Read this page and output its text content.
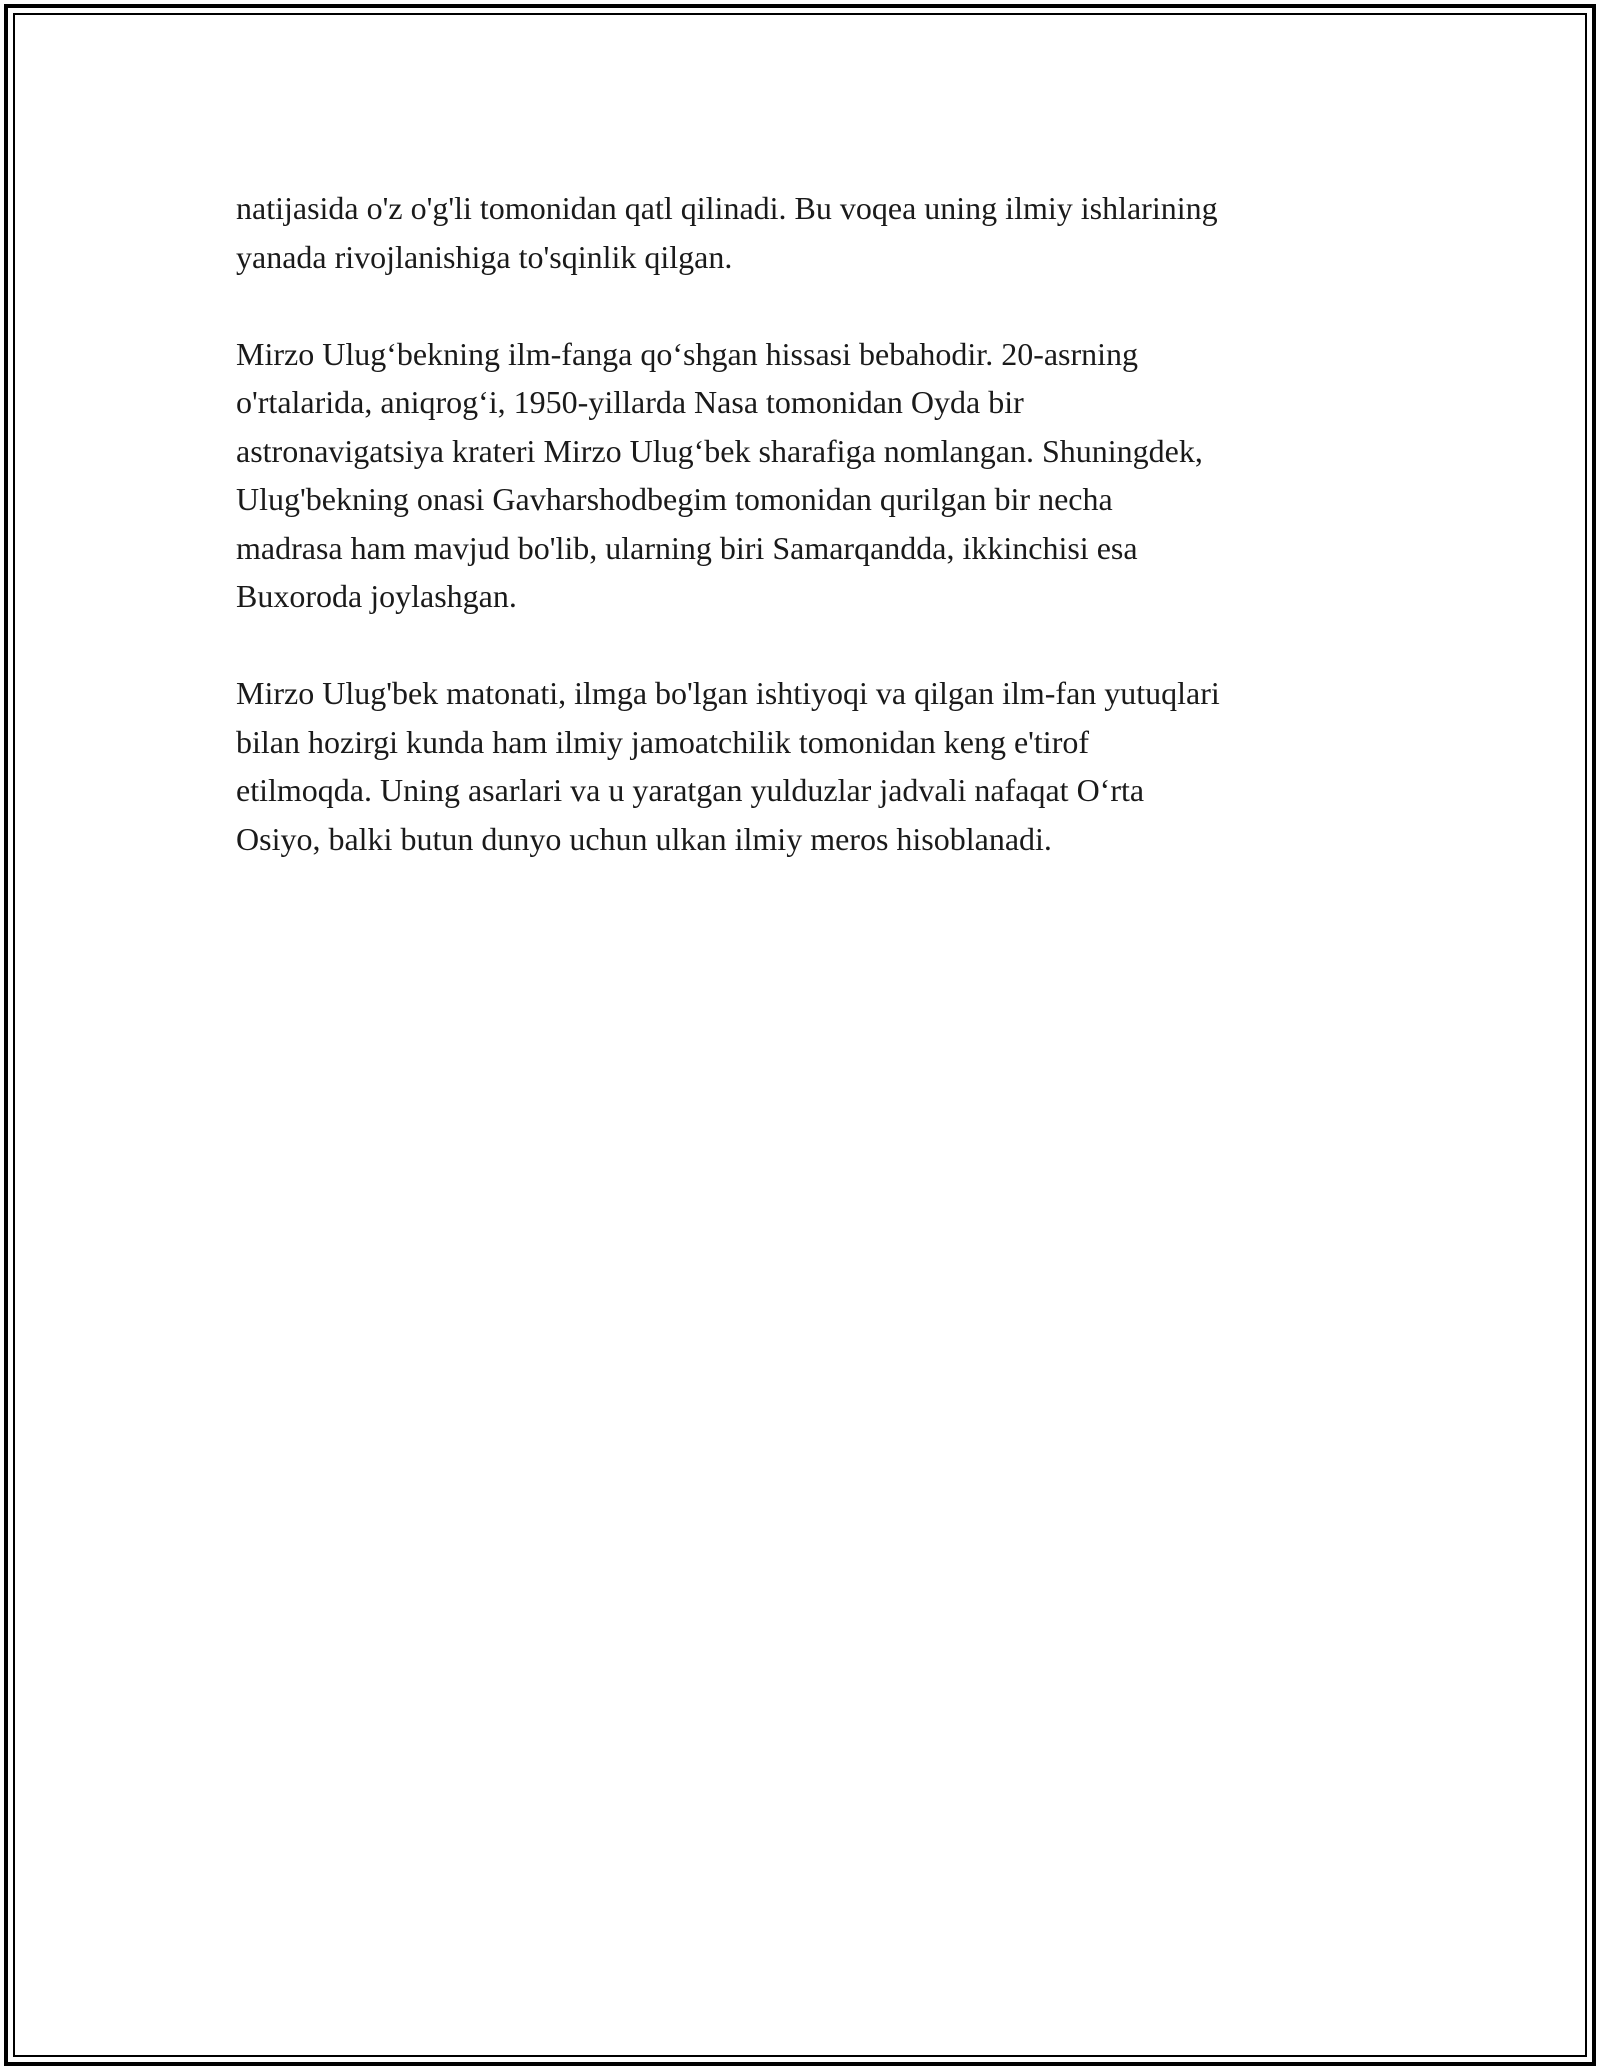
natijasida o'z o'g'li tomonidan qatl qilinadi. Bu voqea uning ilmiy ishlarining
yanada rivojlanishiga to'sqinlik qilgan.

Mirzo Ulug‘bekning ilm-fanga qo‘shgan hissasi bebahodir. 20-asrning
o'rtalarida, aniqrog‘i, 1950-yillarda Nasa tomonidan Oyda bir
astronavigatsiya krateri Mirzo Ulug‘bek sharafiga nomlangan. Shuningdek,
Ulug'bekning onasi Gavharshodbegim tomonidan qurilgan bir necha
madrasa ham mavjud bo'lib, ularning biri Samarqandda, ikkinchisi esa
Buxoroda joylashgan.

Mirzo Ulug'bek matonati, ilmga bo'lgan ishtiyoqi va qilgan ilm-fan yutuqlari
bilan hozirgi kunda ham ilmiy jamoatchilik tomonidan keng e'tirof
etilmoqda. Uning asarlari va u yaratgan yulduzlar jadvali nafaqat O‘rta
Osiyo, balki butun dunyo uchun ulkan ilmiy meros hisoblanadi.
